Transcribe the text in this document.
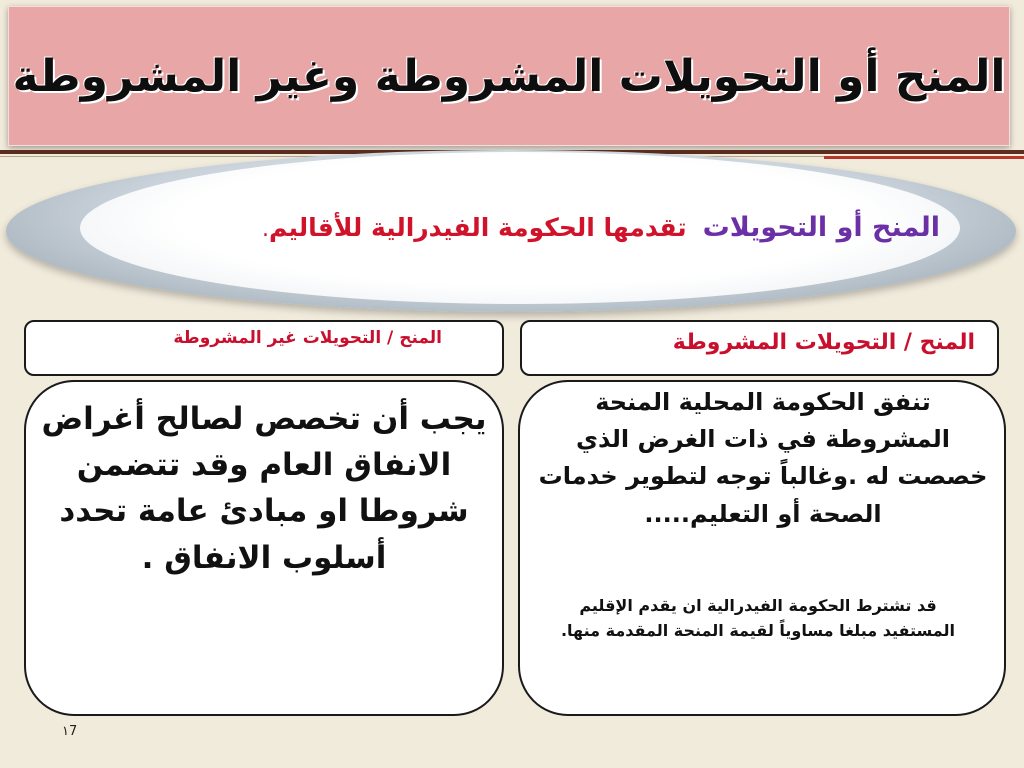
المنح أو التحويلات المشروطة وغير المشروطة
المنح أو التحويلات  تقدمها الحكومة الفيدرالية للأقاليم.
المنح / التحويلات المشروطة
المنح / التحويلات غير المشروطة
يجب أن تخصص لصالح أغراض الانفاق العام وقد تتضمن شروطا او مبادئ عامة تحدد أسلوب الانفاق .
تنفق الحكومة المحلية المنحة المشروطة في ذات الغرض الذي خصصت له .وغالباً توجه لتطوير خدمات الصحة أو التعليم.....
قد تشترط الحكومة الفيدرالية ان يقدم الإقليم المستفيد مبلغا مساوياً لقيمة المنحة المقدمة منها.
١7
